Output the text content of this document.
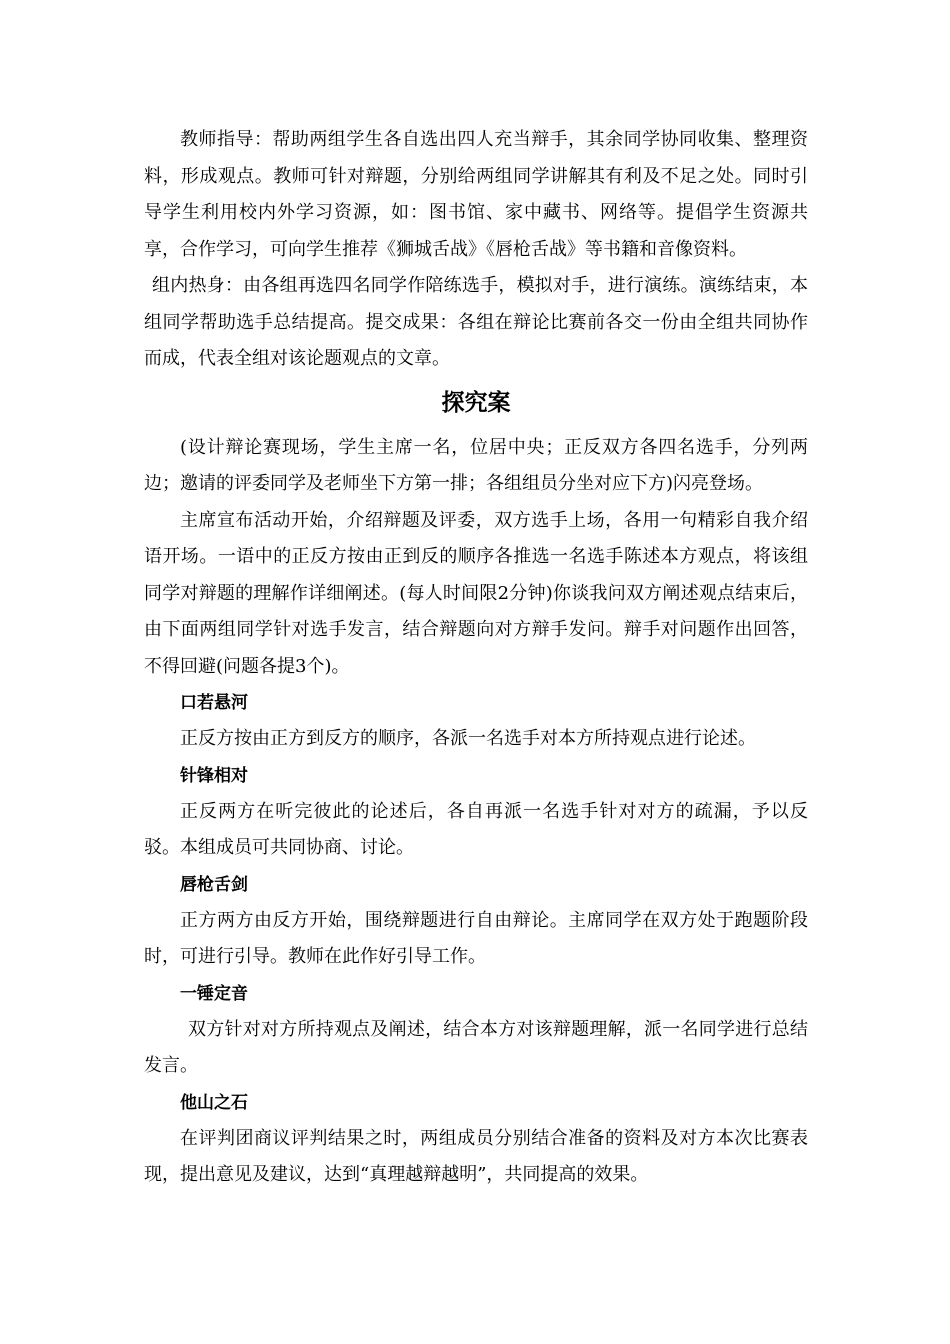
教师指导：帮助两组学生各自选出四人充当辩手，其余同学协同收集、整理资料，形成观点。教师可针对辩题，分别给两组同学讲解其有利及不足之处。同时引导学生利用校内外学习资源，如：图书馆、家中藏书、网络等。提倡学生资源共享，合作学习，可向学生推荐《狮城舌战》《唇枪舌战》等书籍和音像资料。

组内热身：由各组再选四名同学作陪练选手，模拟对手，进行演练。演练结束，本组同学帮助选手总结提高。提交成果：各组在辩论比赛前各交一份由全组共同协作而成，代表全组对该论题观点的文章。

探究案

(设计辩论赛现场，学生主席一名，位居中央；正反双方各四名选手，分列两边；邀请的评委同学及老师坐下方第一排；各组组员分坐对应下方)闪亮登场。

主席宣布活动开始，介绍辩题及评委，双方选手上场，各用一句精彩自我介绍语开场。一语中的正反方按由正到反的顺序各推选一名选手陈述本方观点，将该组同学对辩题的理解作详细阐述。(每人时间限2分钟)你谈我问双方阐述观点结束后，由下面两组同学针对选手发言，结合辩题向对方辩手发问。辩手对问题作出回答，不得回避(问题各提3个)。

口若悬河

正反方按由正方到反方的顺序，各派一名选手对本方所持观点进行论述。

针锋相对

正反两方在听完彼此的论述后，各自再派一名选手针对对方的疏漏，予以反驳。本组成员可共同协商、讨论。

唇枪舌剑

正方两方由反方开始，围绕辩题进行自由辩论。主席同学在双方处于跑题阶段时，可进行引导。教师在此作好引导工作。

一锤定音

双方针对对方所持观点及阐述，结合本方对该辩题理解，派一名同学进行总结发言。

他山之石

在评判团商议评判结果之时，两组成员分别结合准备的资料及对方本次比赛表现，提出意见及建议，达到“真理越辩越明”，共同提高的效果。
